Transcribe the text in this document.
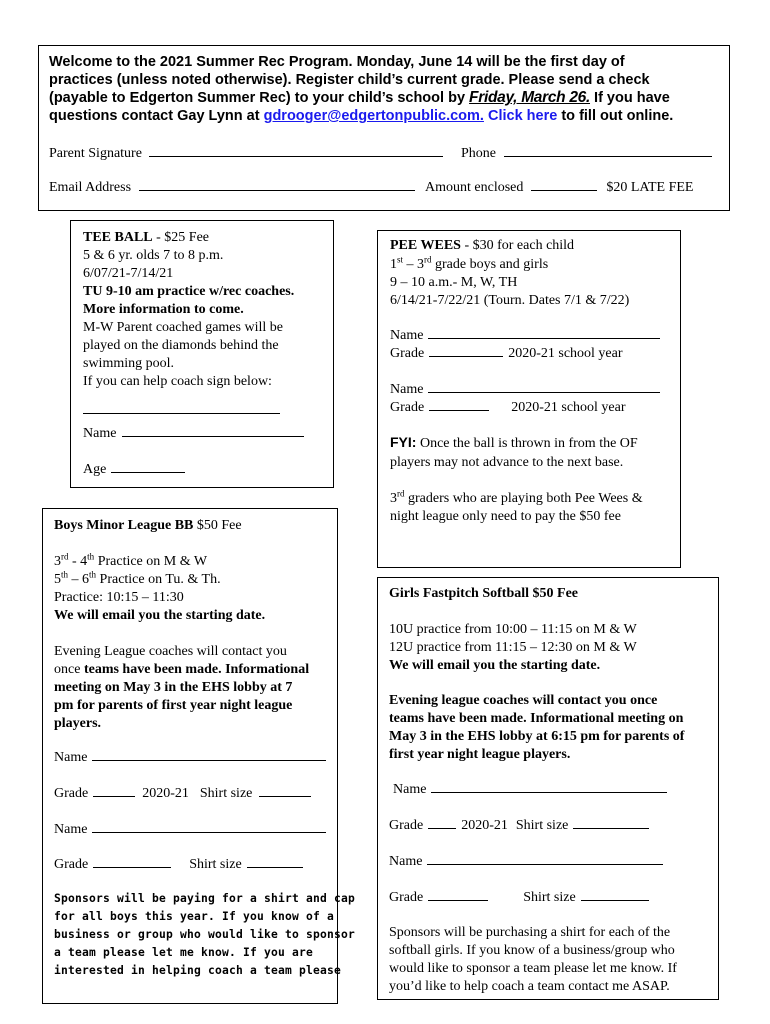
Welcome to the 2021 Summer Rec Program. Monday, June 14 will be the first day of
practices (unless noted otherwise). Register child’s current grade. Please send a check
(payable to Edgerton Summer Rec) to your child’s school by Friday, March 26. If you have
questions contact Gay Lynn at gdrooger@edgertonpublic.com. Click here to fill out online.
Parent Signature	Phone
Email Address	Amount enclosed	$20 LATE FEE
TEE BALL - $25 Fee
5 & 6 yr. olds 7 to 8 p.m.
6/07/21-7/14/21
TU 9-10 am practice w/rec coaches.
More information to come.
M-W Parent coached games will be
played on the diamonds behind the
swimming pool.
If you can help coach sign below:
Name
Age
PEE WEES - $30 for each child
1st – 3rd grade boys and girls
9 – 10 a.m.- M, W, TH
6/14/21-7/22/21 (Tourn. Dates 7/1 & 7/22)
Name
Grade	2020-21 school year
Name
Grade	2020-21 school year
FYI: Once the ball is thrown in from the OF
players may not advance to the next base.
3rd graders who are playing both Pee Wees &
night league only need to pay the $50 fee
Boys Minor League BB $50 Fee
3rd - 4th Practice on M & W
5th – 6th Practice on Tu. & Th.
Practice: 10:15 – 11:30
We will email you the starting date.
Evening League coaches will contact you
once teams have been made. Informational
meeting on May 3 in the EHS lobby at 7
pm for parents of first year night league
players.
Name
Grade	2020-21 Shirt size
Name
Grade	Shirt size
Sponsors will be paying for a shirt and cap
for all boys this year. If you know of a
business or group who would like to sponsor
a team please let me know. If you are
interested in helping coach a team please
Girls Fastpitch Softball $50 Fee
10U practice from 10:00 – 11:15 on M & W
12U practice from 11:15 – 12:30 on M & W
We will email you the starting date.
Evening league coaches will contact you once
teams have been made. Informational meeting on
May 3 in the EHS lobby at 6:15 pm for parents of
first year night league players.
Name
Grade	2020-21 Shirt size
Name
Grade	Shirt size
Sponsors will be purchasing a shirt for each of the
softball girls. If you know of a business/group who
would like to sponsor a team please let me know. If
you’d like to help coach a team contact me ASAP.
